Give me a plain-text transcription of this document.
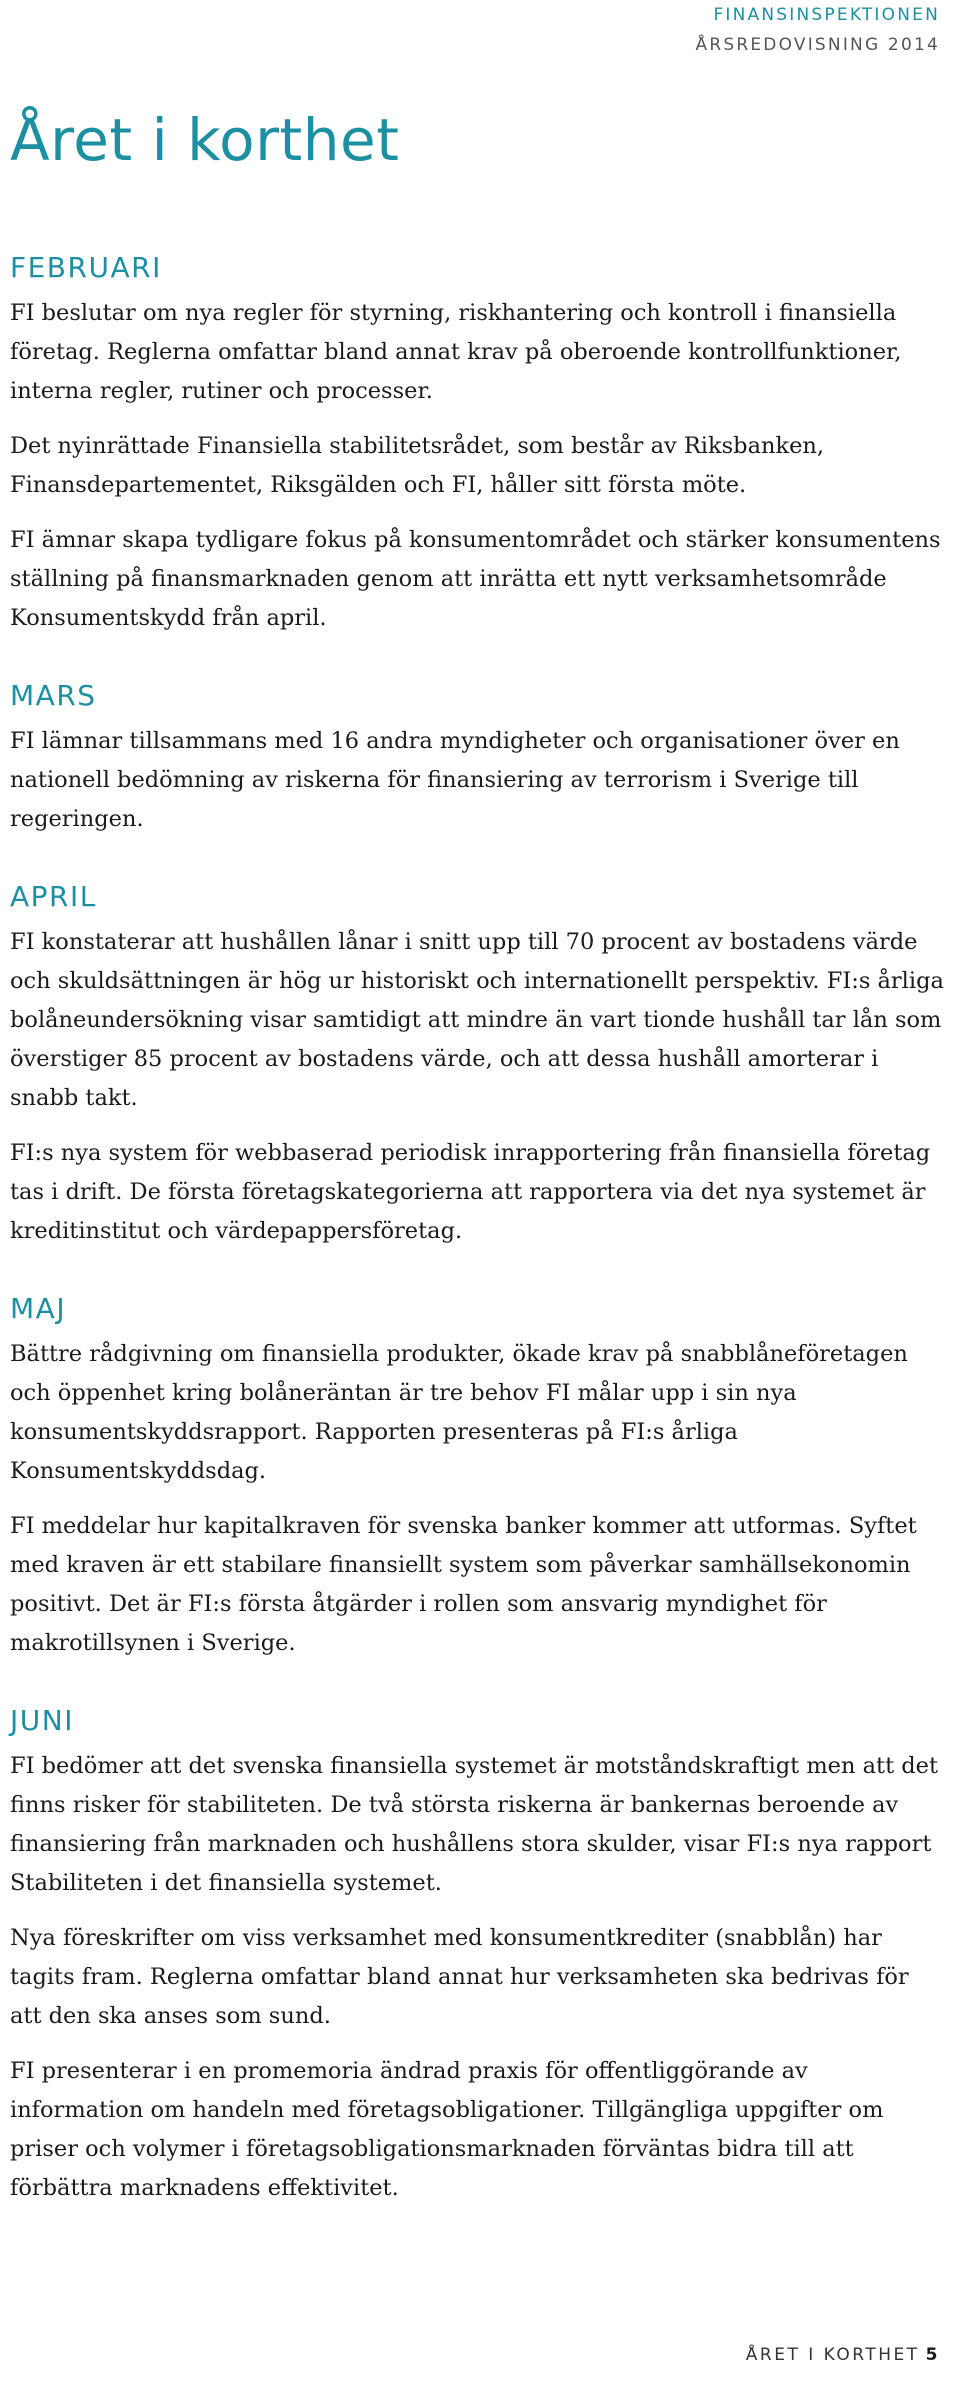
FINANSINSPEKTIONEN
ÅRSREDOVISNING 2014
Året i korthet
FEBRUARI

FI beslutar om nya regler för styrning, riskhantering och kontroll i finansiella företag. Reglerna omfattar bland annat krav på oberoende kontrollfunktioner, interna regler, rutiner och processer.

Det nyinrättade Finansiella stabilitetsrådet, som består av Riksbanken, Finansdepartementet, Riksgälden och FI, håller sitt första möte.

FI ämnar skapa tydligare fokus på konsumentområdet och stärker konsumentens ställning på finansmarknaden genom att inrätta ett nytt verksamhetsområde Konsumentskydd från april.

MARS

FI lämnar tillsammans med 16 andra myndigheter och organisationer över en nationell bedömning av riskerna för finansiering av terrorism i Sverige till regeringen.

APRIL

FI konstaterar att hushållen lånar i snitt upp till 70 procent av bostadens värde och skuldsättningen är hög ur historiskt och internationellt perspektiv. FI:s årliga bolåneundersökning visar samtidigt att mindre än vart tionde hushåll tar lån som överstiger 85 procent av bostadens värde, och att dessa hushåll amorterar i snabb takt.

FI:s nya system för webbaserad periodisk inrapportering från finansiella företag tas i drift. De första företagskategorierna att rapportera via det nya systemet är kreditinstitut och värdepappersföretag.

MAJ

Bättre rådgivning om finansiella produkter, ökade krav på snabblåneföretagen och öppenhet kring bolåneräntan är tre behov FI målar upp i sin nya konsumentskyddsrapport. Rapporten presenteras på FI:s årliga Konsumentskyddsdag.

FI meddelar hur kapitalkraven för svenska banker kommer att utformas. Syftet med kraven är ett stabilare finansiellt system som påverkar samhällsekonomin positivt. Det är FI:s första åtgärder i rollen som ansvarig myndighet för makrotillsynen i Sverige.

JUNI

FI bedömer att det svenska finansiella systemet är motståndskraftigt men att det finns risker för stabiliteten. De två största riskerna är bankernas beroende av finansiering från marknaden och hushållens stora skulder, visar FI:s nya rapport Stabiliteten i det finansiella systemet.

Nya föreskrifter om viss verksamhet med konsumentkrediter (snabblån) har tagits fram. Reglerna omfattar bland annat hur verksamheten ska bedrivas för att den ska anses som sund.

FI presenterar i en promemoria ändrad praxis för offentliggörande av information om handeln med företagsobligationer. Tillgängliga uppgifter om priser och volymer i företagsobligationsmarknaden förväntas bidra till att förbättra marknadens effektivitet.

ÅRET I KORTHET 5
